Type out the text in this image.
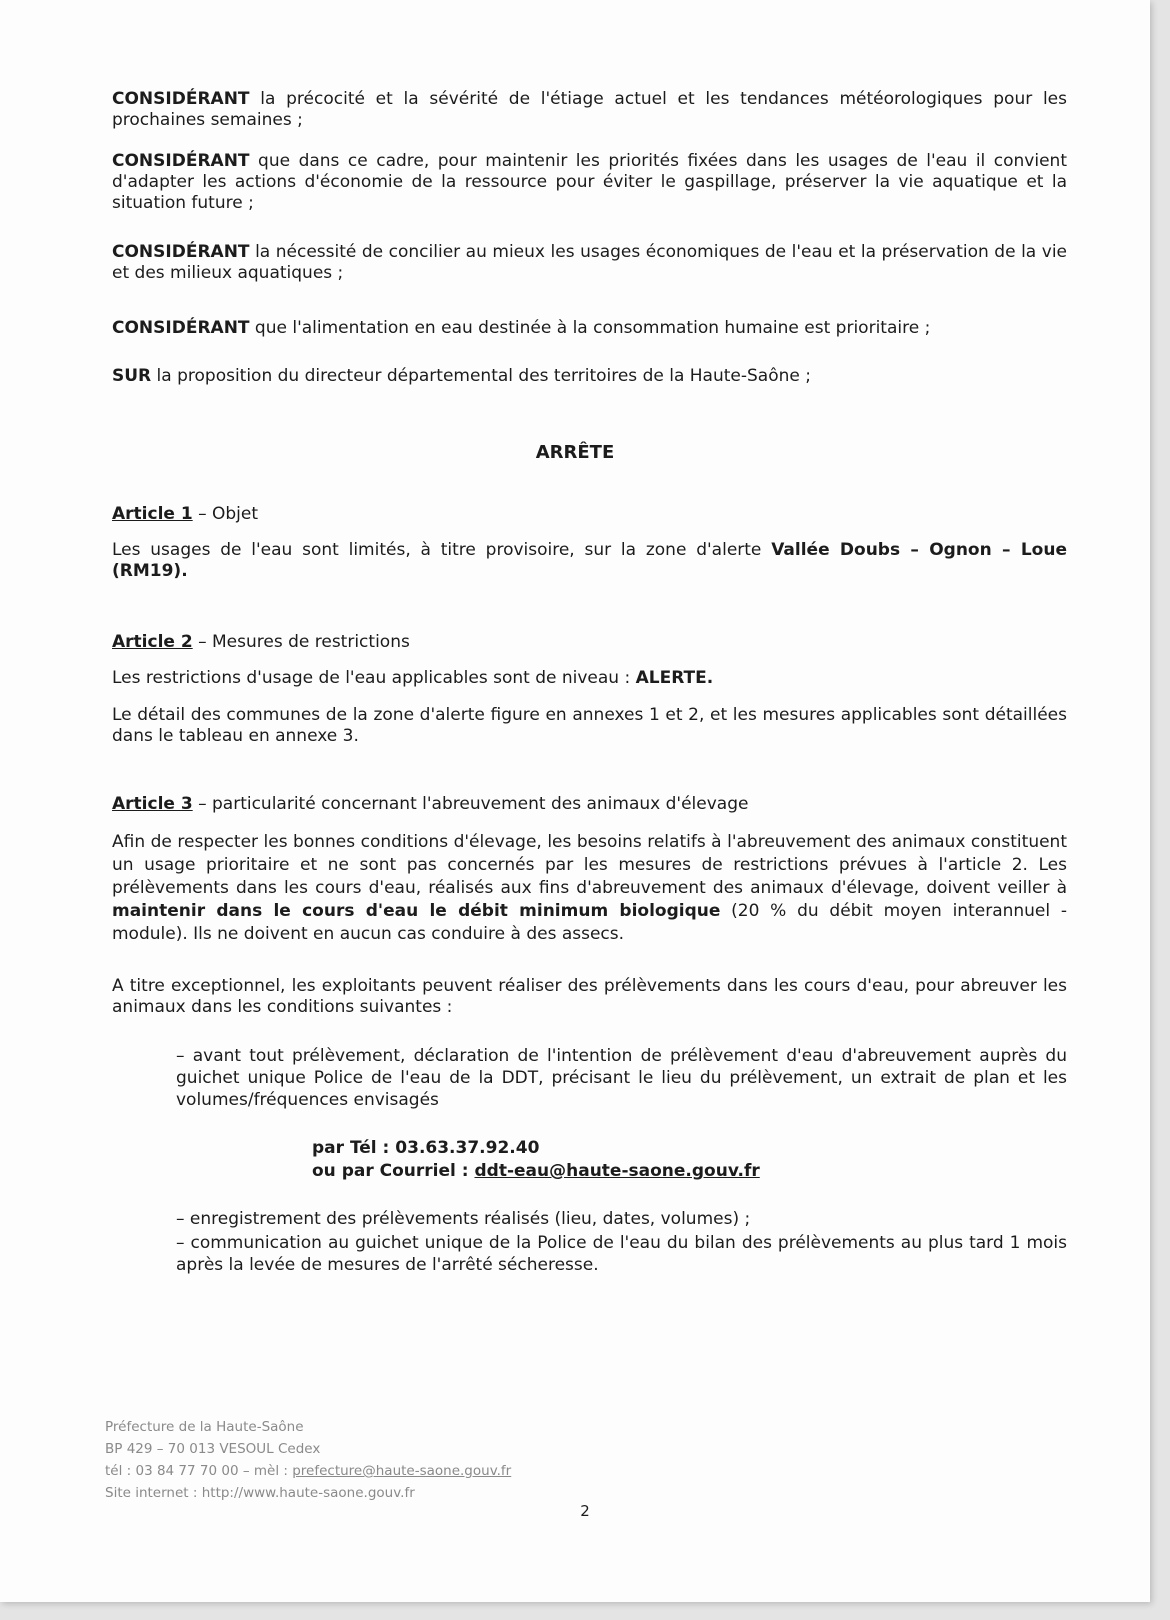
CONSIDÉRANT la précocité et la sévérité de l'étiage actuel et les tendances météorologiques pour les prochaines semaines ;
CONSIDÉRANT que dans ce cadre, pour maintenir les priorités fixées dans les usages de l'eau il convient d'adapter les actions d'économie de la ressource pour éviter le gaspillage, préserver la vie aquatique et la situation future ;
CONSIDÉRANT la nécessité de concilier au mieux les usages économiques de l'eau et la préservation de la vie et des milieux aquatiques ;
CONSIDÉRANT que l'alimentation en eau destinée à la consommation humaine est prioritaire ;
SUR la proposition du directeur départemental des territoires de la Haute-Saône ;
ARRÊTE
Article 1 – Objet
Les usages de l'eau sont limités, à titre provisoire, sur la zone d'alerte Vallée Doubs – Ognon – Loue (RM19).
Article 2 – Mesures de restrictions
Les restrictions d'usage de l'eau applicables sont de niveau : ALERTE.
Le détail des communes de la zone d'alerte figure en annexes 1 et 2, et les mesures applicables sont détaillées dans le tableau en annexe 3.
Article 3 – particularité concernant l'abreuvement des animaux d'élevage
Afin de respecter les bonnes conditions d'élevage, les besoins relatifs à l'abreuvement des animaux constituent un usage prioritaire et ne sont pas concernés par les mesures de restrictions prévues à l'article 2. Les prélèvements dans les cours d'eau, réalisés aux fins d'abreuvement des animaux d'élevage, doivent veiller à maintenir dans le cours d'eau le débit minimum biologique (20 % du débit moyen interannuel - module). Ils ne doivent en aucun cas conduire à des assecs.
A titre exceptionnel, les exploitants peuvent réaliser des prélèvements dans les cours d'eau, pour abreuver les animaux dans les conditions suivantes :
– avant tout prélèvement, déclaration de l'intention de prélèvement d'eau d'abreuvement auprès du guichet unique Police de l'eau de la DDT, précisant le lieu du prélèvement, un extrait de plan et les volumes/fréquences envisagés
par Tél : 03.63.37.92.40
ou par Courriel : ddt-eau@haute-saone.gouv.fr
– enregistrement des prélèvements réalisés (lieu, dates, volumes) ;
– communication au guichet unique de la Police de l'eau du bilan des prélèvements au plus tard 1 mois après la levée de mesures de l'arrêté sécheresse.
Préfecture de la Haute-Saône
BP 429 – 70 013 VESOUL Cedex
tél : 03 84 77 70 00 – mèl : prefecture@haute-saone.gouv.fr
Site internet : http://www.haute-saone.gouv.fr
2
